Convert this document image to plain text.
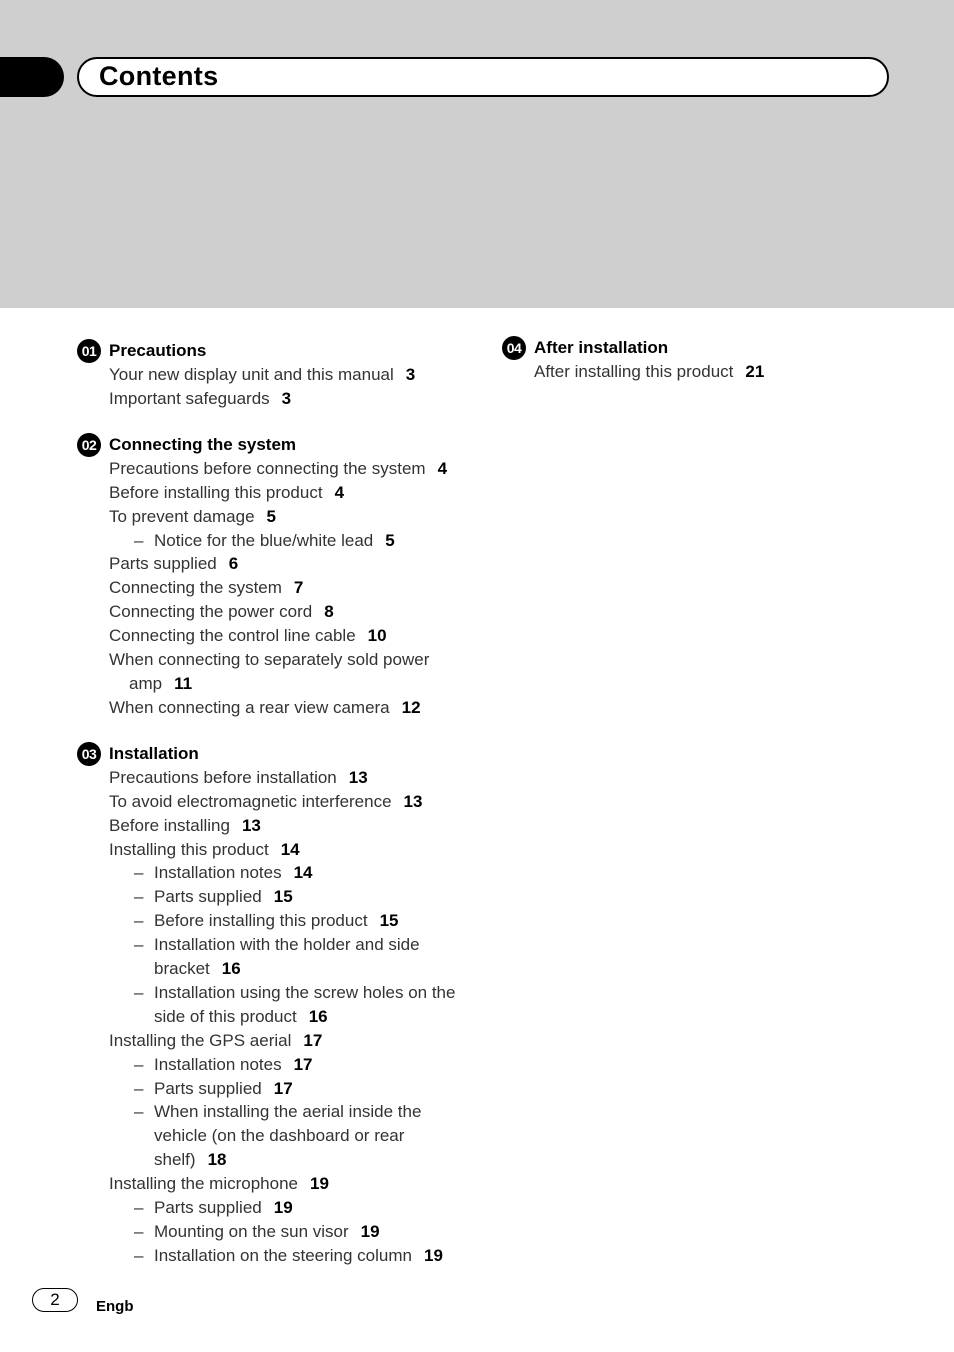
Contents
01 Precautions
Your new display unit and this manual 3
Important safeguards 3
02 Connecting the system
Precautions before connecting the system 4
Before installing this product 4
To prevent damage 5
– Notice for the blue/white lead 5
Parts supplied 6
Connecting the system 7
Connecting the power cord 8
Connecting the control line cable 10
When connecting to separately sold power amp 11
When connecting a rear view camera 12
03 Installation
Precautions before installation 13
To avoid electromagnetic interference 13
Before installing 13
Installing this product 14
– Installation notes 14
– Parts supplied 15
– Before installing this product 15
– Installation with the holder and side bracket 16
– Installation using the screw holes on the side of this product 16
Installing the GPS aerial 17
– Installation notes 17
– Parts supplied 17
– When installing the aerial inside the vehicle (on the dashboard or rear shelf) 18
Installing the microphone 19
– Parts supplied 19
– Mounting on the sun visor 19
– Installation on the steering column 19
04 After installation
After installing this product 21
2	Engb
